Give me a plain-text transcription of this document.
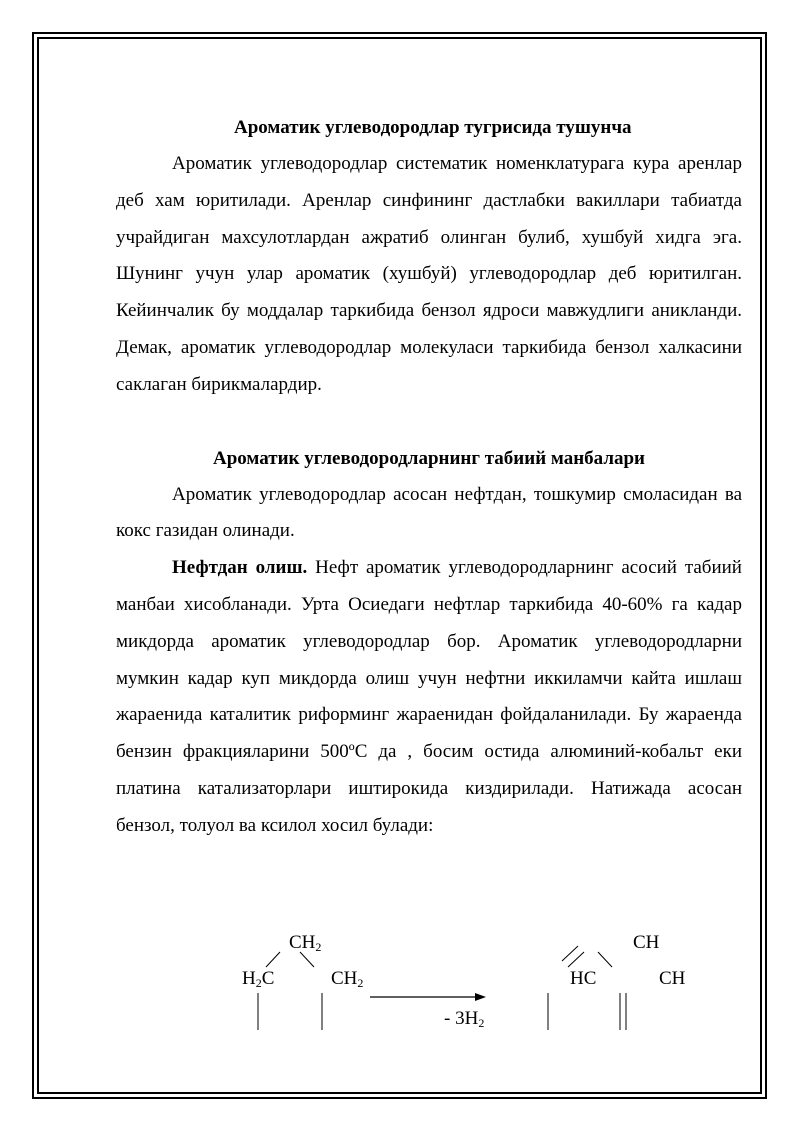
Ароматик углеводородлар тугрисида тушунча

Ароматик углеводородлар систематик номенклатурага кура аренлар деб хам юритилади. Аренлар синфининг дастлабки вакиллари табиатда учрайдиган махсулотлардан ажратиб олинган булиб, хушбуй хидга эга. Шунинг учун улар ароматик (хушбуй) углеводородлар деб юритилган. Кейинчалик бу моддалар таркибида бензол ядроси мавжудлиги аникланди. Демак, ароматик углеводородлар молекуласи таркибида бензол халкасини саклаган бирикмалардир.

Ароматик углеводородларнинг табиий манбалари

Ароматик углеводородлар асосан нефтдан, тошкумир смоласидан ва кокс газидан олинади.

Нефтдан олиш. Нефт ароматик углеводородларнинг асосий табиий манбаи хисобланади. Урта Осиедаги нефтлар таркибида 40-60% га кадар микдорда ароматик углеводородлар бор. Ароматик углеводородларни мумкин кадар куп микдорда олиш учун нефтни иккиламчи кайта ишлаш жараенида каталитик риформинг жараенидан фойдаланилади. Бу жараенда бензин фракцияларини 500ºС да , босим остида алюминий-кобальт еки платина катализаторлари иштирокида киздирилади. Натижада асосан бензол, толуол ва ксилол хосил булади:

$CH_2$
$H_2C$	$CH_2$
- $3H_2$
CH
HC	CH
